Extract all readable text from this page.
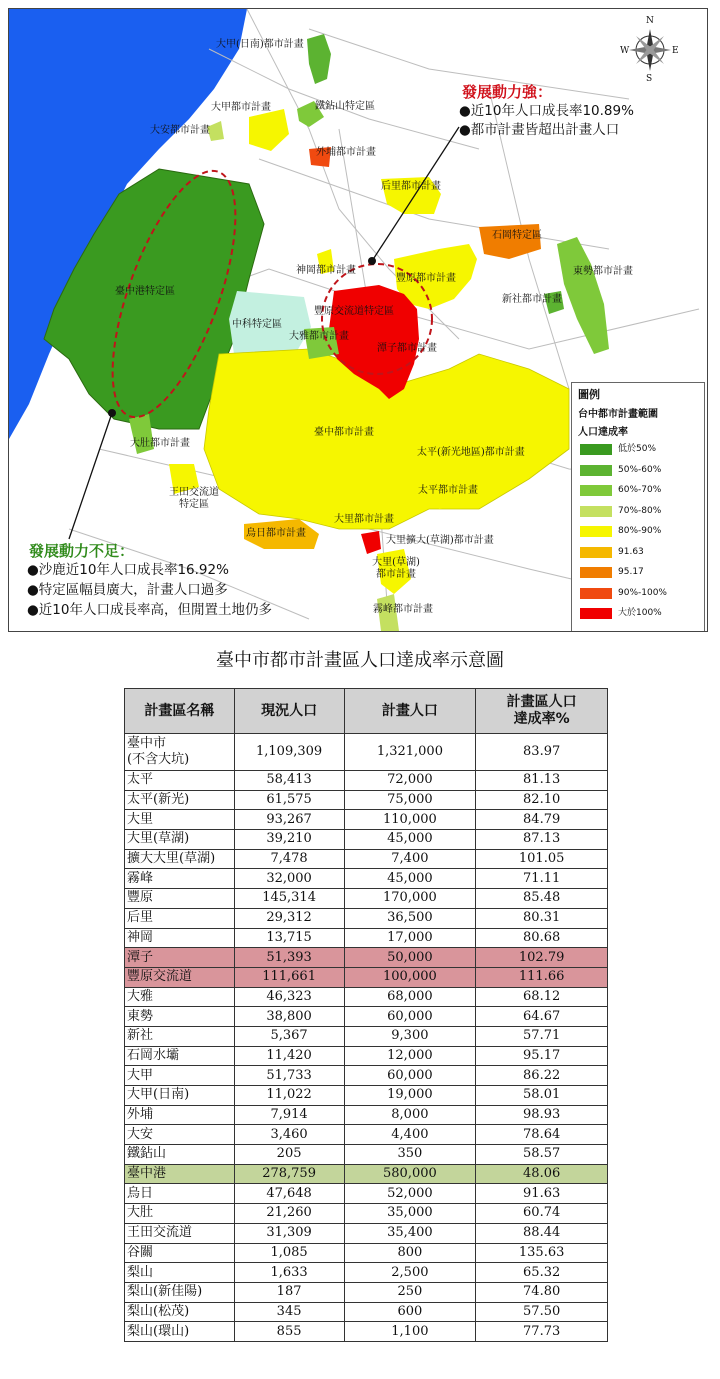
N
S
E
W
大甲(日南)都市計畫
大甲都市計畫	鐵鉆山特定區
大安都市計畫
外埔都市計畫
后里都市計畫
石岡特定區
臺中港特定區
神岡都市計畫
豐原都市計畫
東勢都市計畫
新社都市計畫
中科特定區
豐原交流道特定區
大雅都市計畫
潭子都市計畫
臺中都市計畫
大肚都市計畫
太平(新光地區)都市計畫
王田交流道特定區
太平都市計畫
烏日都市計畫
大里都市計畫
大里擴大(草湖)都市計畫
大里(草湖)都市計畫
霧峰都市計畫
發展動力強：
●近10年人口成長率10.89%
●都市計畫皆超出計畫人口
發展動力不足：
●沙鹿近10年人口成長率16.92%
●特定區幅員廣大，計畫人口過多
●近10年人口成長率高，但閒置土地仍多
圖例
台中都市計畫範圍
人口達成率
低於50%
50%-60%
60%-70%
70%-80%
80%-90%
91.63
95.17
90%-100%
大於100%
臺中市都市計畫區人口達成率示意圖
計畫區名稱	現況人口	計畫人口	計畫區人口
達成率%
臺中市
(不含大坑)	1,109,309	1,321,000	83.97
太平	58,413	72,000	81.13
太平(新光)	61,575	75,000	82.10
大里	93,267	110,000	84.79
大里(草湖)	39,210	45,000	87.13
擴大大里(草湖)	7,478	7,400	101.05
霧峰	32,000	45,000	71.11
豐原	145,314	170,000	85.48
后里	29,312	36,500	80.31
神岡	13,715	17,000	80.68
潭子	51,393	50,000	102.79
豐原交流道	111,661	100,000	111.66
大雅	46,323	68,000	68.12
東勢	38,800	60,000	64.67
新社	5,367	9,300	57.71
石岡水壩	11,420	12,000	95.17
大甲	51,733	60,000	86.22
大甲(日南)	11,022	19,000	58.01
外埔	7,914	8,000	98.93
大安	3,460	4,400	78.64
鐵鉆山	205	350	58.57
臺中港	278,759	580,000	48.06
烏日	47,648	52,000	91.63
大肚	21,260	35,000	60.74
王田交流道	31,309	35,400	88.44
谷關	1,085	800	135.63
梨山	1,633	2,500	65.32
梨山(新佳陽)	187	250	74.80
梨山(松茂)	345	600	57.50
梨山(環山)	855	1,100	77.73
